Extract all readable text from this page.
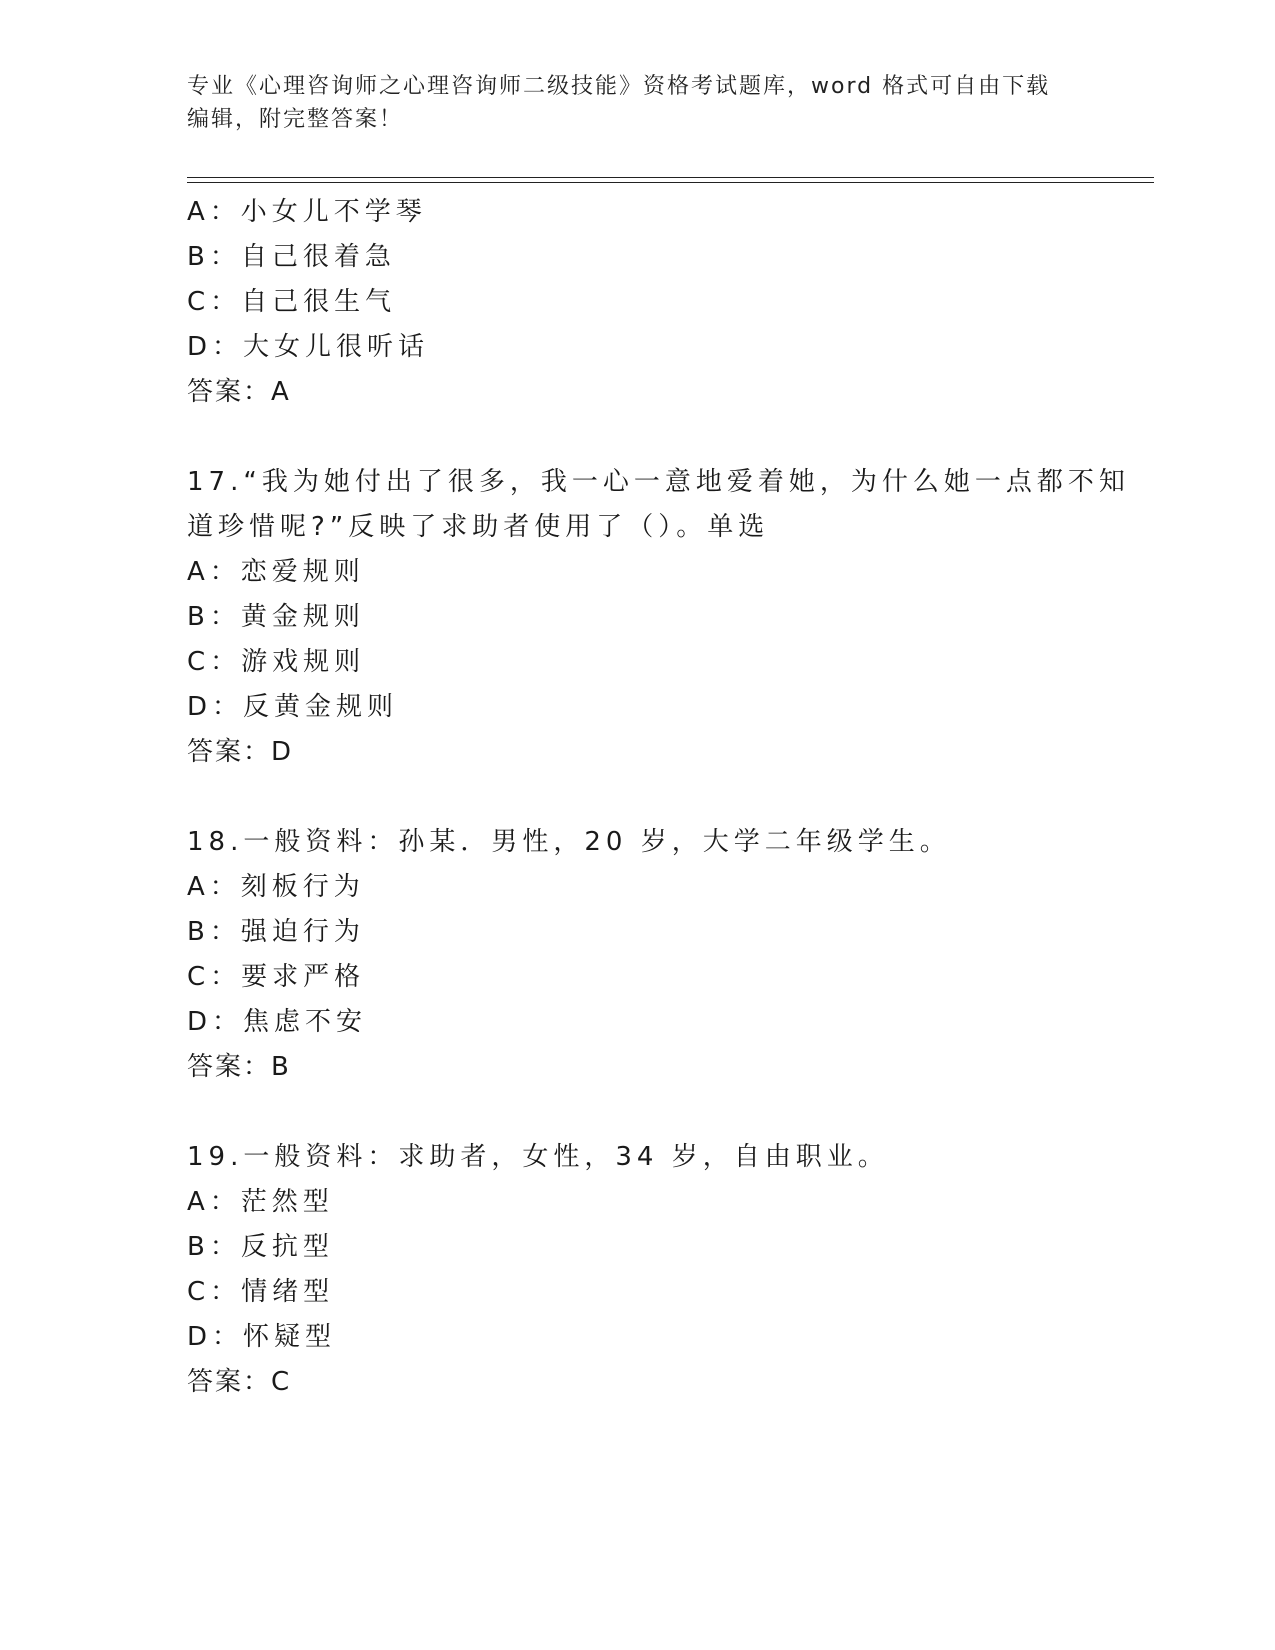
专业《心理咨询师之心理咨询师二级技能》资格考试题库，word 格式可自由下载
编辑，附完整答案！
A：小女儿不学琴
B：自己很着急
C：自己很生气
D：大女儿很听话
答案：A
17.“我为她付出了很多，我一心一意地爱着她，为什么她一点都不知
道珍惜呢?”反映了求助者使用了（）。单选
A：恋爱规则
B：黄金规则
C：游戏规则
D：反黄金规则
答案：D
18.一般资料：孙某．男性，20 岁，大学二年级学生。
A：刻板行为
B：强迫行为
C：要求严格
D：焦虑不安
答案：B
19.一般资料：求助者，女性，34 岁，自由职业。
A：茫然型
B：反抗型
C：情绪型
D：怀疑型
答案：C
